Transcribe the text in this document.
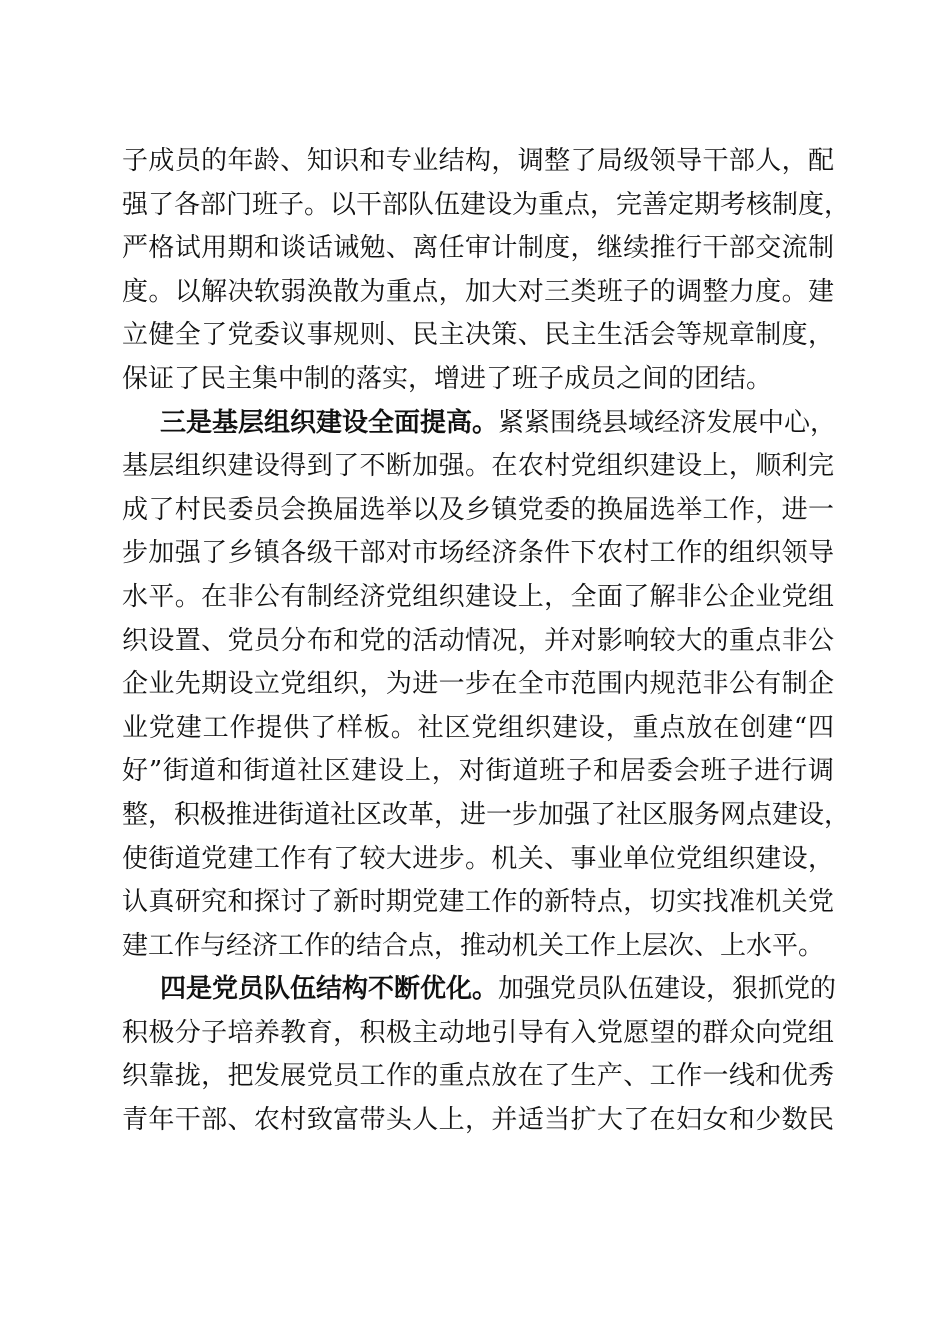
子成员的年龄、知识和专业结构，调整了局级领导干部人，配
强了各部门班子。以干部队伍建设为重点，完善定期考核制度，
严格试用期和谈话诫勉、离任审计制度，继续推行干部交流制
度。以解决软弱涣散为重点，加大对三类班子的调整力度。建
立健全了党委议事规则、民主决策、民主生活会等规章制度，
保证了民主集中制的落实，增进了班子成员之间的团结。
三是基层组织建设全面提高。紧紧围绕县域经济发展中心，
基层组织建设得到了不断加强。在农村党组织建设上，顺利完
成了村民委员会换届选举以及乡镇党委的换届选举工作，进一
步加强了乡镇各级干部对市场经济条件下农村工作的组织领导
水平。在非公有制经济党组织建设上，全面了解非公企业党组
织设置、党员分布和党的活动情况，并对影响较大的重点非公
企业先期设立党组织，为进一步在全市范围内规范非公有制企
业党建工作提供了样板。社区党组织建设，重点放在创建“四
好”街道和街道社区建设上，对街道班子和居委会班子进行调
整，积极推进街道社区改革，进一步加强了社区服务网点建设，
使街道党建工作有了较大进步。机关、事业单位党组织建设，
认真研究和探讨了新时期党建工作的新特点，切实找准机关党
建工作与经济工作的结合点，推动机关工作上层次、上水平。
四是党员队伍结构不断优化。加强党员队伍建设，狠抓党的
积极分子培养教育，积极主动地引导有入党愿望的群众向党组
织靠拢，把发展党员工作的重点放在了生产、工作一线和优秀
青年干部、农村致富带头人上，并适当扩大了在妇女和少数民
